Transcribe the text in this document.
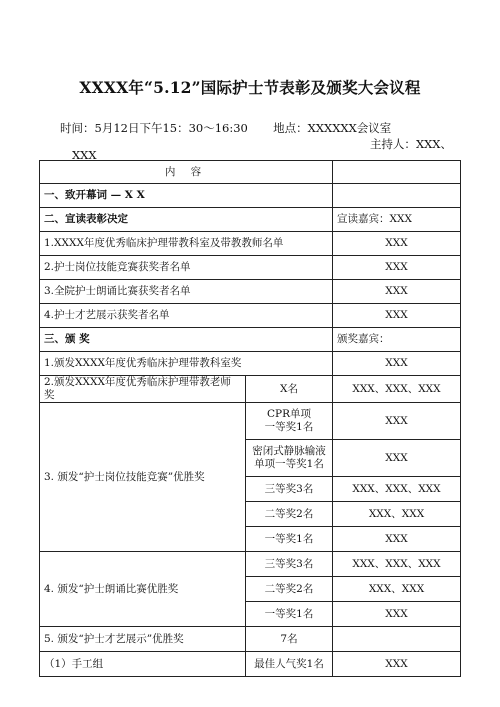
XXXX年“5.12”国际护士节表彰及颁奖大会议程
时间：5月12日下午15：30～16:30 地点：XXXXXX会议室
主持人：XXX、
XXX
内 容		
一、致开幕词 — X X		
二、宣读表彰决定		宣读嘉宾：XXX
1.XXXX年度优秀临床护理带教科室及带教教师名单		XXX
2.护士岗位技能竞赛获奖者名单		XXX
3.全院护士朗诵比赛获奖者名单		XXX
4.护士才艺展示获奖者名单		XXX
三、颁 奖		颁奖嘉宾：
1.颁发XXXX年度优秀临床护理带教科室奖		XXX
2.颁发XXXX年度优秀临床护理带教老师奖	X名	XXX、XXX、XXX
3. 颁发“护士岗位技能竞赛”优胜奖	CPR单项
一等奖1名	XXX
	密闭式静脉输液
单项一等奖1名	XXX
	三等奖3名	XXX、XXX、XXX
	二等奖2名	XXX、XXX
	一等奖1名	XXX
4. 颁发“护士朗诵比赛优胜奖	三等奖3名	XXX、XXX、XXX
	二等奖2名	XXX、XXX
	一等奖1名	XXX
5. 颁发“护士才艺展示”优胜奖	7名	
（1）手工组	最佳人气奖1名	XXX
